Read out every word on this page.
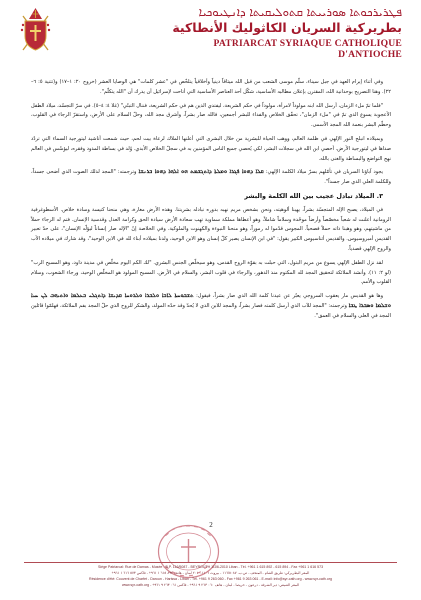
ܦܛܪܝܪܟܘܬܐ ܣܘܪܝܝܬܐ ܩܬܘܠܝܩܝܬܐ ܕܐܢܛܝܘܟܝܐ
بطريركية السريان الكاثوليك الأنطاكية
PATRIARCAT SYRIAQUE CATHOLIQUE
D'ANTIOCHE

وفي أثناء إبرام العهد في جبل سيناء، سلّم موسى الشعب من قبل الله ميثاقاً دينياً وأخلاقياً يتلخّص في "عشر كلمات" هي الوصايا العشر (خروج ٢٠: ١–١٧) و(تثنية ٥: ٦–٢٢). وهنا التصريح بوحدانية الله، المقترن بإعلان مطالبه الأساسية، شكّل أحد العناصر الأساسية التي أتاحت لإسرائيل أن يدرك أن "الله يتكلّم".

"فلما تمّ ملء الزمان، أرسل الله ابنه مولوداً لامرأة، مولوداً في حكم الشريعة، ليفتدي الذين هم في حكم الشريعة، فننال التبنّي" (غلا ٤: ٤–٥). في سرّ التجسّد، ميلاد الطفل الأعجوبة يسوع الذي تمّ في "ملء الزمان"، تحقّق الخلاص والفداء للبشر أجمعين، فالله صار بشراً، وأشرق مجد الله، وحلّ السلام على الأرض، واستقرّ الرجاء في القلوب، وحطّم البشر بنعمة الله المجد الأسمى.

وبميلاده انبلج النور الإلهي في ظلمة العالم، ووهب الحياة للبشرية من خلال البشرى التي أعلنها الملاك لرعاة بيت لحم، حيث شمعت أناشيد ليتورجية السماء التي تردّد صداها في ليتورجية الأرض. أحصي ابن الله في سجلات البشر، لكي يُحصي جميع الناس المؤمنين به في سجلّ الخلاص الأبدي. وُلد في بساطة المذود وفقره، ليؤسّس في العالم نهج التواضع والبساطة والغنى بالله.

يجود آباؤنا السريان في تأمّلهم بسرّ ميلاد الكلمة الإلهي: ܩܠܐ ܕܗܘܐ ܦܓܪܐ ܘܡܠܬܐ ܕܐܬܓܫܡܬ ܗܘ ܐܠܗܐ ܕܗܘܐ ܒܪܢܫܐ وترجمته: "المجد لذلك الصوت الذي أضحى جسداً، وللكلمة العلي الذي صار جسداً".

٣. الميلاد تبادل عجيب بين الله الكلمة والبشر

في الميلاد، يصبح الإله المتجسّد بشراً، يهبنا ألوهيته، ونحن بشخص مريم نهبه بدوره نبادله بشريتنا. وهذه الأرض مغارة، وهي منحنا كنيسة وسادة خلاص. الأسطوغرفية الرومانية أعلنت له شعباً مخصّصاً وأرضاً موحّدة وسلاماً شاملاً، وهو أعطاها مملكة سماوية تهب سعادة الأرض سيادة الحق وكرامة العدل وقدسية الإنسان. فتم له الرجاء حملاً من ماشيتهم، وهو وهبنا ذاته حملاً فصحياً. المجوس قدّموا له رموزاً، وهو منحنا النبوءة والكهنوت والملوكية. وفي الخلاصة إنّ "الإله صار إنساناً ليؤلّه الإنسان"، على حدّ تعبير القديس أمبروسيوس. والقديس أثناسيوس الكبير يقول: "في ابن الإنسان يصير كلّ إنسان وهو الابن الوحيد، ولدنا بميلاده أبناء لله في الابن الوحيد"، وقد شارك في ميلاده الأب والروح الإلهي قصدياً.

لقد نزل الطفل الإلهي يسوع من مريم البتول، التي حبلت به بقوّة الروح القدس، وهو سيخلّص الجنس البشري. "لك الكم اليوم مخلّص في مدينة داود، وهو المسيح الرب" (لو ٢: ١١). وأنشد الملائكة لتحقيق المجد لله المكتوم منذ الدهور، والرجاء في قلوب البشر، والسلام في الأرض. المسيح المولود هو المخلّص الوحيد، ورجاء الشعوب، وسلام القلوب والأمم.

وها هو القديس مار يعقوب السروجي يعبّر عن عيدنا كلمة الله الذي صار بشراً، فيقول: ܬܫܒܘܚܬܐ ܠܐܒܐ ܘܠܒܪܐ ܘܠܪܘܚܐ ܩܕܝܫܐ ܕܐܬܓܠܝ ܒܥܠܡܐ ܘܐܬܝܗܒ ܠܢ ܚܝܐ ܘܫܠܡܐ ܘܣܒܪܐ ܛܒܐ وترجمته: "المجد للآب الذي أرسل كلمته فصار بشراً، والمجد للابن الذي لا يُحدّ وقد حدّه المولد، والشكر للروح الذي حلّ المجد بفم الملائكة، فهلمّوا قائلين المجد في العلى والسلام في العمق".

2
Siège Patriarcal: Rue de Damas - Musée - B.P. 116/5087 - BEYROUTH 1106-2010 Liban - Tél. +961 1 615 892 - 615 894 - Fax +961 1 616 573
المقر البطريركي: طريق الشام - المتحف - ص.ب. ١١٦/٥٠٨٧ - بيروت ١١٠٦-٢٠١٠ لبنان - هاتف ٨٩٢ ٦١٥ ١ ٩٦١+ - فاكس ٥٧٣ ٦١٦ ١ ٩٦١+
Résidence d'été: Couvent de Charfet - Daroun - Harissa - Liban - Tél. +961 9 263 060 - Fax +961 9 263 061 - E-mail: info@syr-cath.org - www.syr-cath.org
المقر الصيفي: دير الشرفة - درعون - حريصا - لبنان - هاتف ٠٦٠ ٢٦٣ ٩ ٩٦١+ - فاكس ٠٦١ ٢٦٣ ٩ ٩٦١+ - www.syr-cath.org
